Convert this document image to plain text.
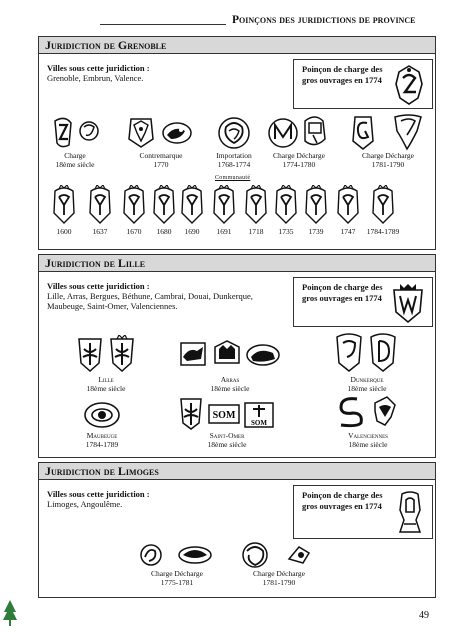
Poinçons des juridictions de province
Juridiction de Grenoble
Villes sous cette juridiction :
Grenoble, Embrun, Valence.
Poinçon de charge des gros ouvrages en 1774
Charge
18ème siècle
Contremarque
1770
Importation
1768-1774
Charge Décharge
1774-1780
Charge Décharge
1781-1790
Communauté
1600	1637	1670	1680	1690	1691	1718	1735	1739	1747	1784-1789
Juridiction de Lille
Villes sous cette juridiction :
Lille, Arras, Bergues, Béthune, Cambrai, Douai, Dunkerque, Maubeuge, Saint-Omer, Valenciennes.
Poinçon de charge des gros ouvrages en 1774
Lille
18ème siècle
Arras
18ème siècle
Dunkerque
18ème siècle
Maubeuge
1784-1789
SOM
SOM
Saint-Omer
18ème siècle
Valenciennes
18ème siècle
Juridiction de Limoges
Villes sous cette juridiction :
Limoges, Angoulême.
Poinçon de charge des gros ouvrages en 1774
Charge Décharge
1775-1781
Charge Décharge
1781-1790
49
